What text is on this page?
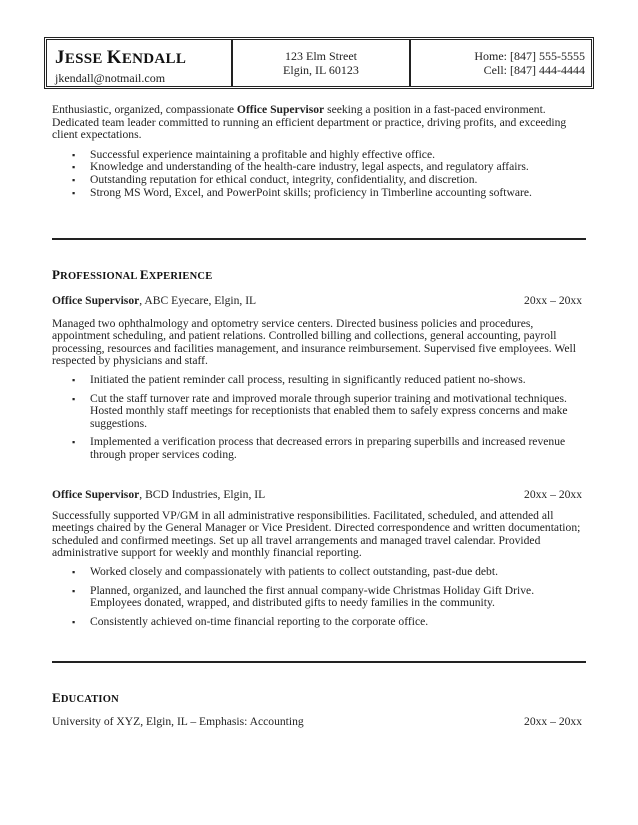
JESSE KENDALL
jkendall@notmail.com
123 Elm Street
Elgin, IL 60123
Home: [847] 555-5555
Cell: [847] 444-4444
Enthusiastic, organized, compassionate Office Supervisor seeking a position in a fast-paced environment. Dedicated team leader committed to running an efficient department or practice, driving profits, and exceeding client expectations.
▪ Successful experience maintaining a profitable and highly effective office.
▪ Knowledge and understanding of the health-care industry, legal aspects, and regulatory affairs.
▪ Outstanding reputation for ethical conduct, integrity, confidentiality, and discretion.
▪ Strong MS Word, Excel, and PowerPoint skills; proficiency in Timberline accounting software.
PROFESSIONAL EXPERIENCE
Office Supervisor, ABC Eyecare, Elgin, IL	20xx – 20xx
Managed two ophthalmology and optometry service centers. Directed business policies and procedures, appointment scheduling, and patient relations. Controlled billing and collections, general accounting, payroll processing, resources and facilities management, and insurance reimbursement. Supervised five employees. Well respected by physicians and staff.
▪ Initiated the patient reminder call process, resulting in significantly reduced patient no-shows.
▪ Cut the staff turnover rate and improved morale through superior training and motivational techniques. Hosted monthly staff meetings for receptionists that enabled them to safely express concerns and make suggestions.
▪ Implemented a verification process that decreased errors in preparing superbills and increased revenue through proper services coding.
Office Supervisor, BCD Industries, Elgin, IL	20xx – 20xx
Successfully supported VP/GM in all administrative responsibilities. Facilitated, scheduled, and attended all meetings chaired by the General Manager or Vice President. Directed correspondence and written documentation; scheduled and confirmed meetings. Set up all travel arrangements and managed travel calendar. Provided administrative support for weekly and monthly financial reporting.
▪ Worked closely and compassionately with patients to collect outstanding, past-due debt.
▪ Planned, organized, and launched the first annual company-wide Christmas Holiday Gift Drive. Employees donated, wrapped, and distributed gifts to needy families in the community.
▪ Consistently achieved on-time financial reporting to the corporate office.
EDUCATION
University of XYZ, Elgin, IL – Emphasis: Accounting	20xx – 20xx
